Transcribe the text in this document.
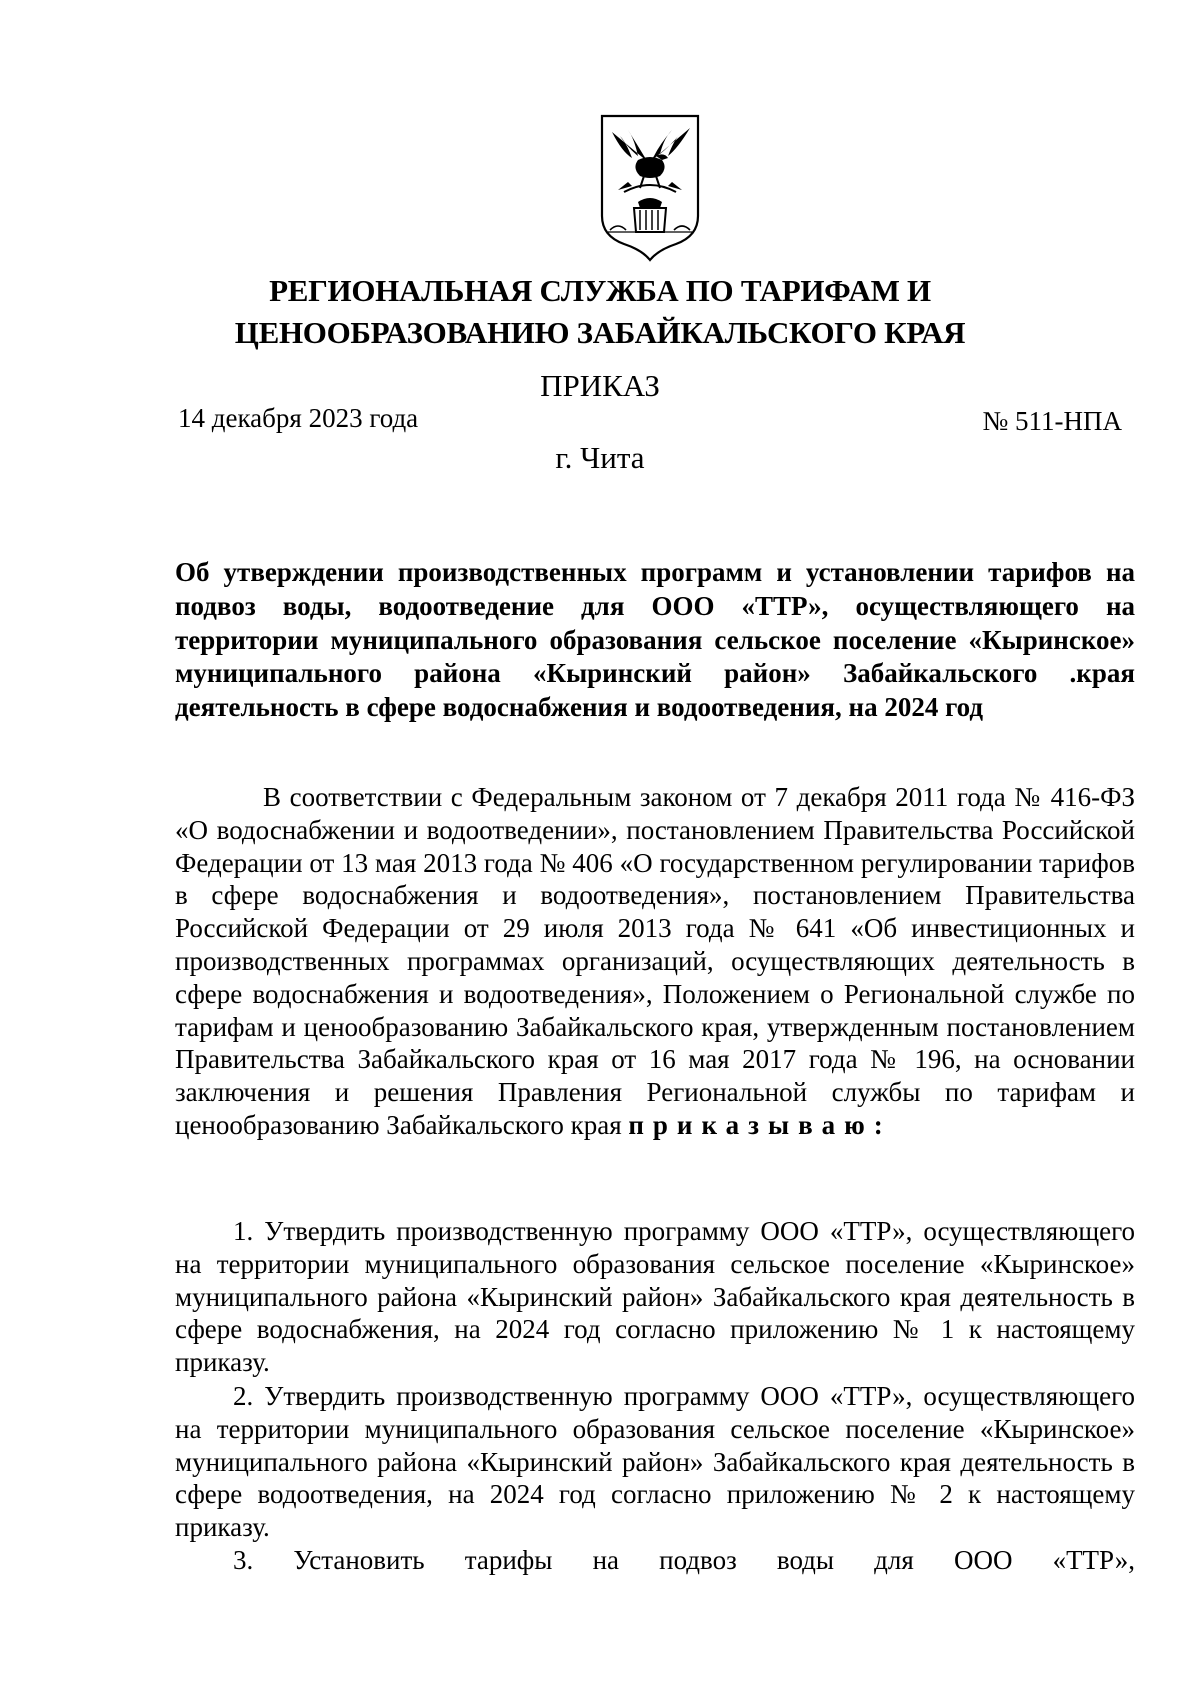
РЕГИОНАЛЬНАЯ СЛУЖБА ПО ТАРИФАМ И
ЦЕНООБРАЗОВАНИЮ ЗАБАЙКАЛЬСКОГО КРАЯ
ПРИКАЗ
14 декабря 2023 года	№ 511-НПА
г. Чита
Об утверждении производственных программ и установлении тарифов на подвоз воды, водоотведение для ООО «ТТР», осуществляющего на территории муниципального образования сельское поселение «Кыринское» муниципального района «Кыринский район» Забайкальского .края деятельность в сфере водоснабжения и водоотведения, на 2024 год
В соответствии с Федеральным законом от 7 декабря 2011 года № 416-ФЗ «О водоснабжении и водоотведении», постановлением Правительства Российской Федерации от 13 мая 2013 года № 406 «О государственном регулировании тарифов в сфере водоснабжения и водоотведения», постановлением Правительства Российской Федерации от 29 июля 2013 года № 641 «Об инвестиционных и производственных программах организаций, осуществляющих деятельность в сфере водоснабжения и водоотведения», Положением о Региональной службе по тарифам и ценообразованию Забайкальского края, утвержденным постановлением Правительства Забайкальского края от 16 мая 2017 года № 196, на основании заключения и решения Правления Региональной службы по тарифам и ценообразованию Забайкальского края приказываю:

1. Утвердить производственную программу ООО «ТТР», осуществляющего на территории муниципального образования сельское поселение «Кыринское» муниципального района «Кыринский район» Забайкальского края деятельность в сфере водоснабжения, на 2024 год согласно приложению № 1 к настоящему приказу.

2. Утвердить производственную программу ООО «ТТР», осуществляющего на территории муниципального образования сельское поселение «Кыринское» муниципального района «Кыринский район» Забайкальского края деятельность в сфере водоотведения, на 2024 год согласно приложению № 2 к настоящему приказу.

3. Установить тарифы на подвоз воды для ООО «ТТР»,
